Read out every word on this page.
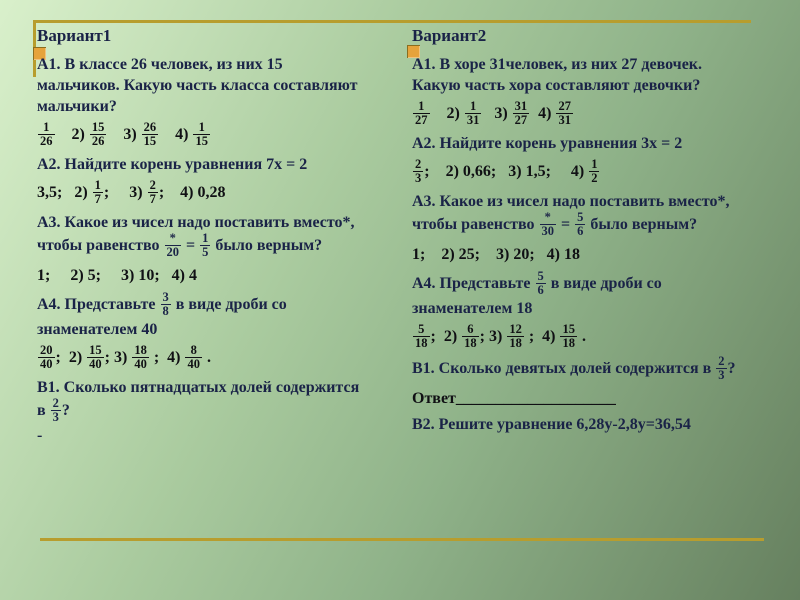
Вариант1

А1. В классе 26 человек, из них 15
мальчиков. Какую часть класса составляют
мальчики?

$\frac{1}{26} 2) \frac{15}{26} 3) \frac{26}{15} 4) \frac{1}{15}$

А2. Найдите корень уравнения 7х = 2

3,5;   $2) \frac{1}{7}$ ;     $3) \frac{2}{7}$ ;    4) 0,28

А3. Какое из чисел надо поставить вместо*,
чтобы равенство $\frac{*}{20} = \frac{1}{5}$ было верным?

1;     2) 5;     3) 10;   4) 4

А4. Представьте $\frac{3}{8}$ в виде дроби со
знаменателем 40

$\frac{20}{40}$ ;  $2) \frac{15}{40}$ ; $3) \frac{18}{40}$ ;  $4) \frac{8}{40}$ .

В1. Сколько пятнадцатых долей содержится
в $\frac{2}{3}$ ?
-

Вариант2

А1. В хоре 31человек, из них 27 девочек.
Какую часть хора составляют девочки?

$\frac{1}{27} 2) \frac{1}{31} 3) \frac{31}{27} 4) \frac{27}{31}$

А2. Найдите корень уравнения 3х = 2

$\frac{2}{3}$ ;    2) 0,66;   3) 1,5;     $4) \frac{1}{2}$

А3. Какое из чисел надо поставить вместо*,
чтобы равенство $\frac{*}{30} = \frac{5}{6}$ было верным?

1;    2) 25;    3) 20;   4) 18

А4. Представьте $\frac{5}{6}$ в виде дроби со
знаменателем 18

$\frac{5}{18}$ ;  $2) \frac{6}{18}$ ; $3) \frac{12}{18}$ ;  $4) \frac{15}{18}$ .

В1. Сколько девятых долей содержится в $\frac{2}{3}$ ?

Ответ____________________

В2. Решите уравнение 6,28y-2,8y=36,54
